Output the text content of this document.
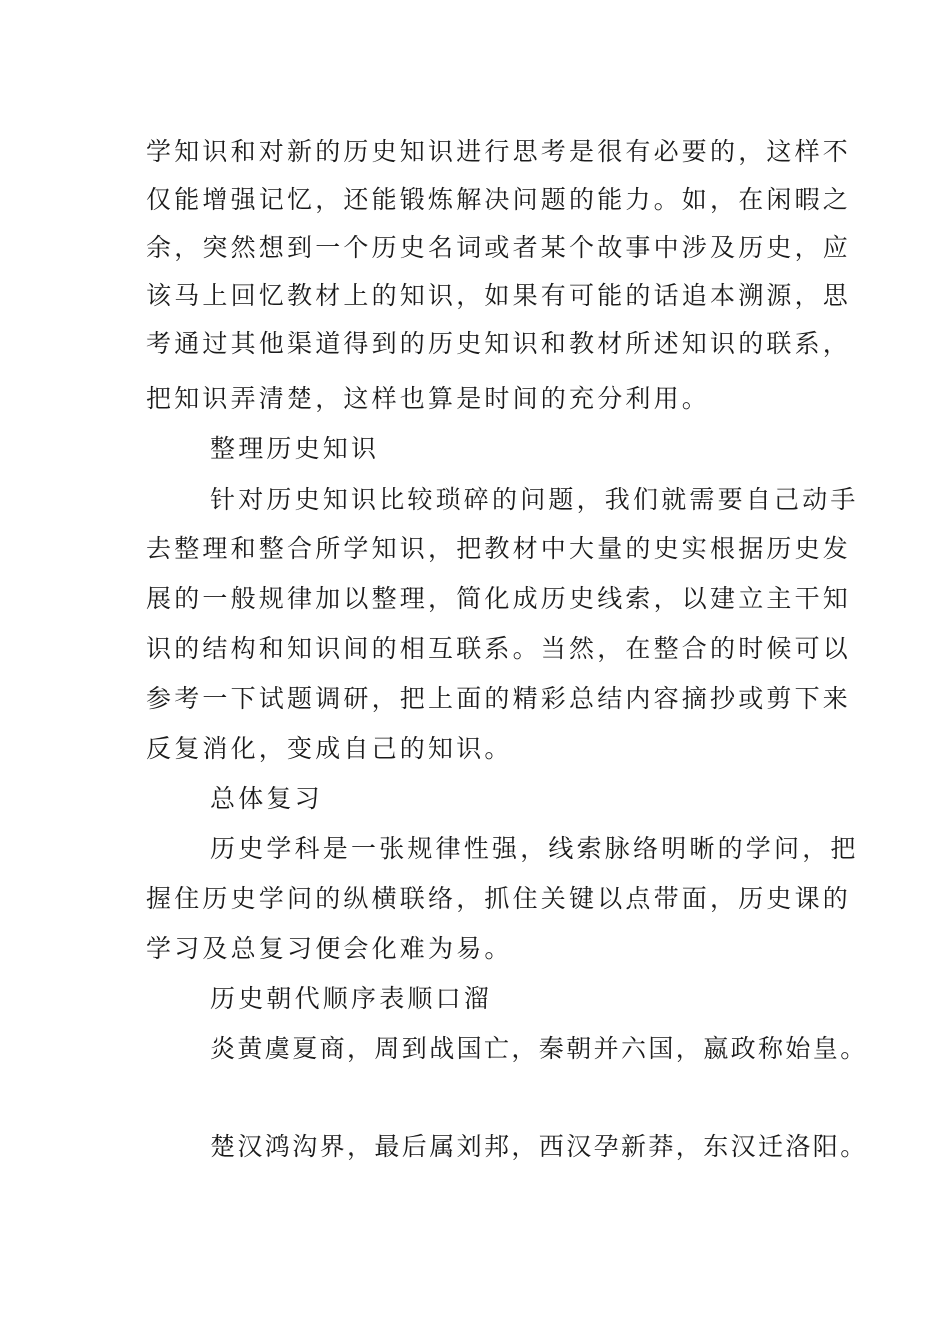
学知识和对新的历史知识进行思考是很有必要的，这样不
仅能增强记忆，还能锻炼解决问题的能力。如，在闲暇之
余，突然想到一个历史名词或者某个故事中涉及历史，应
该马上回忆教材上的知识，如果有可能的话追本溯源，思
考通过其他渠道得到的历史知识和教材所述知识的联系，
把知识弄清楚，这样也算是时间的充分利用。
整理历史知识
针对历史知识比较琐碎的问题，我们就需要自己动手
去整理和整合所学知识，把教材中大量的史实根据历史发
展的一般规律加以整理，简化成历史线索，以建立主干知
识的结构和知识间的相互联系。当然，在整合的时候可以
参考一下试题调研，把上面的精彩总结内容摘抄或剪下来
反复消化，变成自己的知识。
总体复习
历史学科是一张规律性强，线索脉络明晰的学问，把
握住历史学问的纵横联络，抓住关键以点带面，历史课的
学习及总复习便会化难为易。
历史朝代顺序表顺口溜
炎黄虞夏商，周到战国亡，秦朝并六国，嬴政称始皇。
楚汉鸿沟界，最后属刘邦，西汉孕新莽，东汉迁洛阳。
